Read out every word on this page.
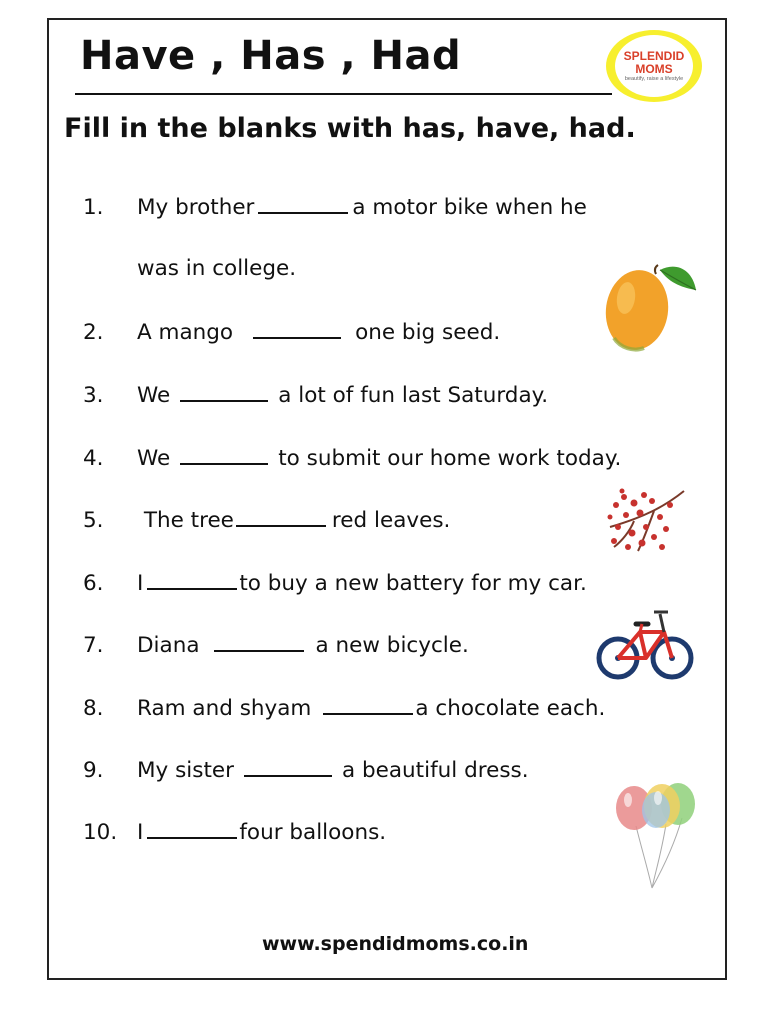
Have , Has , Had	SPLENDID
MOMS
beautify, raise a lifestyle
Fill in the blanks with has, have, had.
1.	My brother	a motor bike when he
was in college.
2.	A mango	one big seed.
3.	We	a lot of fun last Saturday.
4.	We	to submit our home work today.
5.	The tree	red leaves.
6.	I	to buy a new battery for my car.
7.	Diana	a new bicycle.
8.	Ram and shyam	a chocolate each.
9.	My sister	a beautiful dress.
10. I	four balloons.
www.spendidmoms.co.in
